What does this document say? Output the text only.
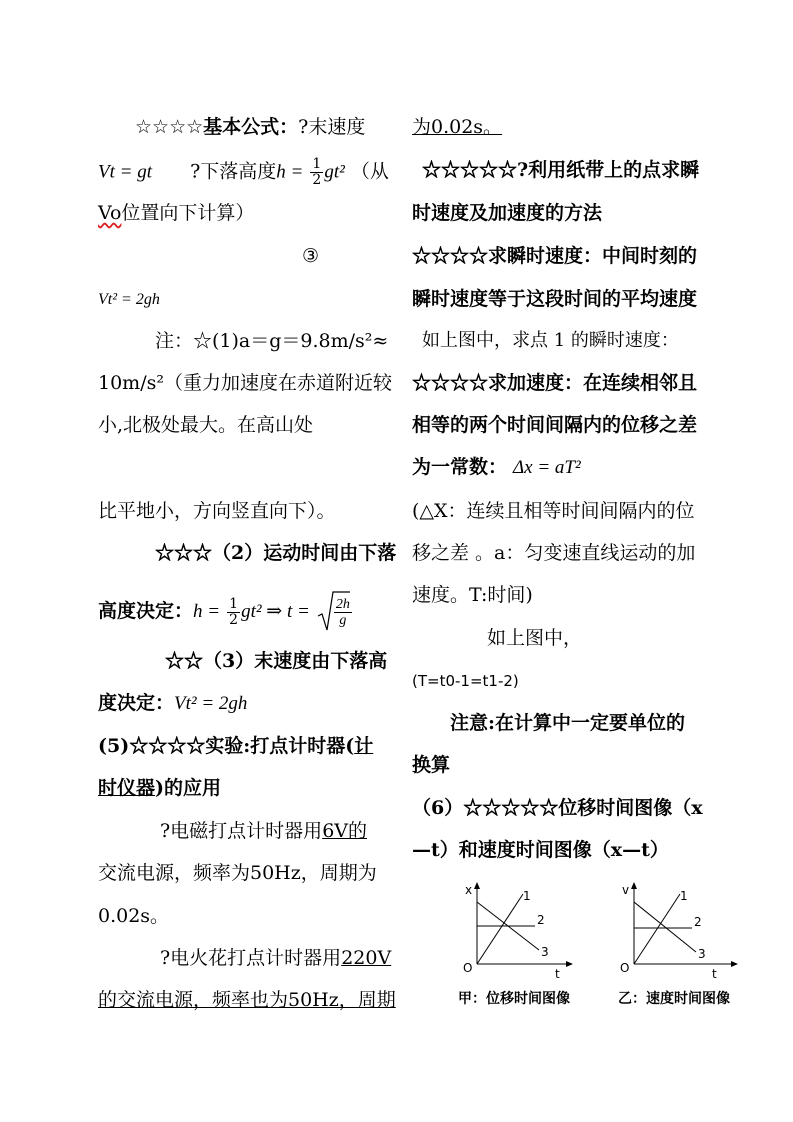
☆☆☆☆基本公式：?末速度
Vt = gt ?下落高度$h = \frac{1}{2} gt^2$ （从
Vo位置向下计算）
③
Vt² = 2gh
注：☆(1)a＝g＝9.8m/s²≈
10m/s²（重力加速度在赤道附近较
小,北极处最大。在高山处
比平地小，方向竖直向下）。
☆☆☆（2）运动时间由下落
高度决定：$h = \frac{1}{2} gt^2$ ⇒ $t = \frac{2h}{g}$
☆☆（3）末速度由下落高
度决定：Vt² = 2gh
(5)☆☆☆☆实验:打点计时器(计
时仪器)的应用
?电磁打点计时器用6V的
交流电源，频率为50Hz，周期为
0.02s。
?电火花打点计时器用220V
的交流电源，频率也为50Hz，周期
为0.02s。
☆☆☆☆☆?利用纸带上的点求瞬
时速度及加速度的方法
☆☆☆☆求瞬时速度：中间时刻的
瞬时速度等于这段时间的平均速度
如上图中，求点 1 的瞬时速度：
☆☆☆☆求加速度：在连续相邻且
相等的两个时间间隔内的位移之差
为一常数： Δx = aT²
(△X：连续且相等时间间隔内的位
移之差 。a：匀变速直线运动的加
速度。T:时间)
如上图中，
(T=t0-1=t1-2)
注意:在计算中一定要单位的
换算
（6）☆☆☆☆☆位移时间图像（x
—t）和速度时间图像（x—t）
x
t
O
1
2
3
甲：位移时间图像
v
t
O
1
2
3
乙：速度时间图像
